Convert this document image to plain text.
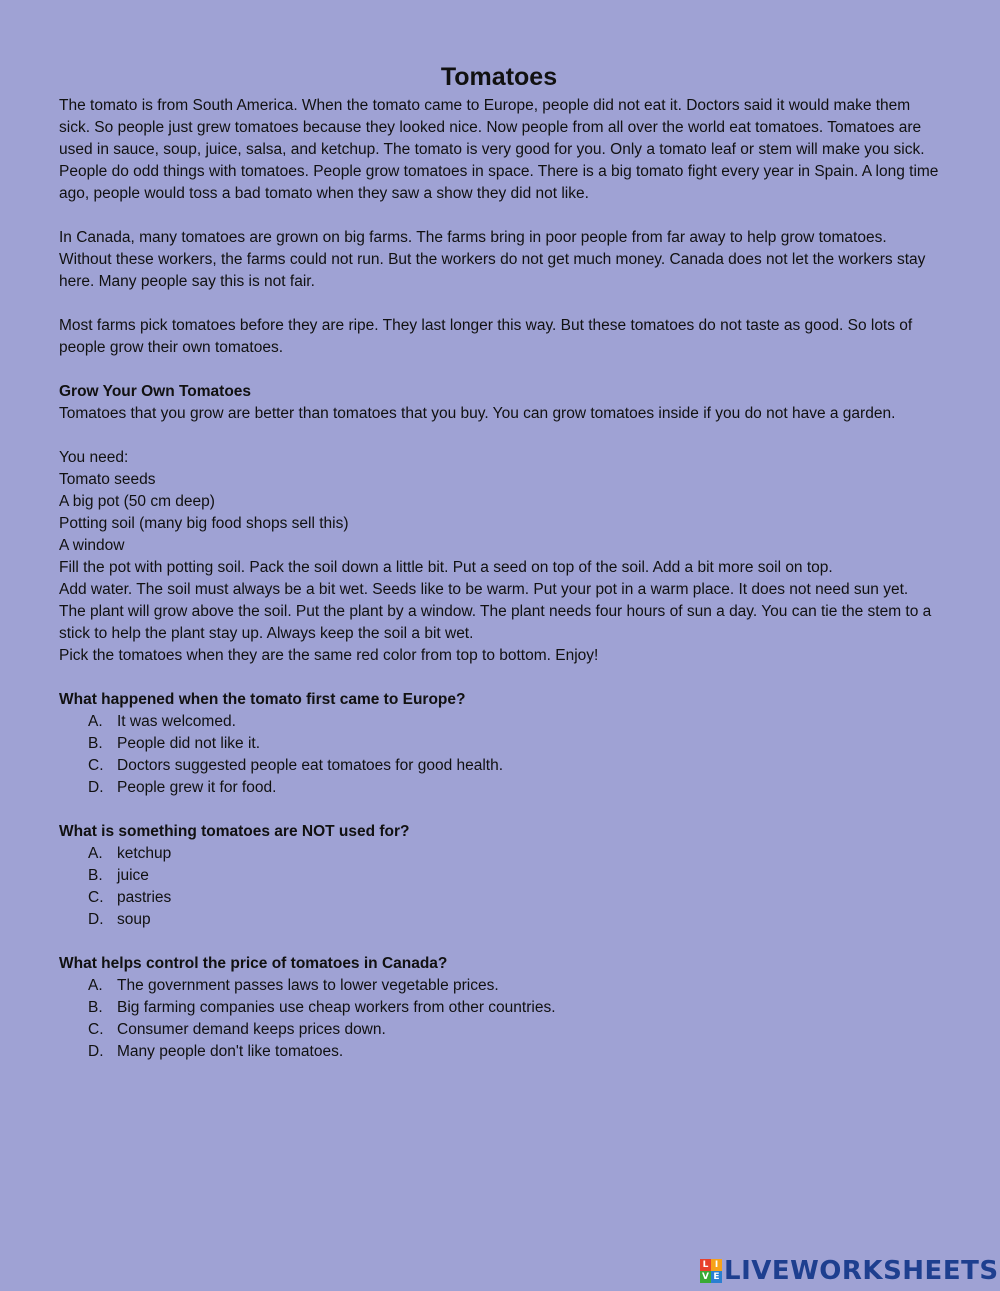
Tomatoes

The tomato is from South America. When the tomato came to Europe, people did not eat it. Doctors said it would make them sick. So people just grew tomatoes because they looked nice. Now people from all over the world eat tomatoes. Tomatoes are used in sauce, soup, juice, salsa, and ketchup. The tomato is very good for you. Only a tomato leaf or stem will make you sick. People do odd things with tomatoes. People grow tomatoes in space. There is a big tomato fight every year in Spain. A long time ago, people would toss a bad tomato when they saw a show they did not like.

In Canada, many tomatoes are grown on big farms. The farms bring in poor people from far away to help grow tomatoes. Without these workers, the farms could not run. But the workers do not get much money. Canada does not let the workers stay here. Many people say this is not fair.

Most farms pick tomatoes before they are ripe. They last longer this way. But these tomatoes do not taste as good. So lots of people grow their own tomatoes.

Grow Your Own Tomatoes

Tomatoes that you grow are better than tomatoes that you buy. You can grow tomatoes inside if you do not have a garden.

You need:

Tomato seeds

A big pot (50 cm deep)

Potting soil (many big food shops sell this)

A window

Fill the pot with potting soil. Pack the soil down a little bit. Put a seed on top of the soil. Add a bit more soil on top.

Add water. The soil must always be a bit wet. Seeds like to be warm. Put your pot in a warm place. It does not need sun yet.

The plant will grow above the soil. Put the plant by a window. The plant needs four hours of sun a day. You can tie the stem to a stick to help the plant stay up. Always keep the soil a bit wet.

Pick the tomatoes when they are the same red color from top to bottom. Enjoy!

What happened when the tomato first came to Europe?

A. It was welcomed.
B. People did not like it.
C. Doctors suggested people eat tomatoes for good health.
D. People grew it for food.

What is something tomatoes are NOT used for?

A. ketchup
B. juice
C. pastries
D. soup

What helps control the price of tomatoes in Canada?

A. The government passes laws to lower vegetable prices.
B. Big farming companies use cheap workers from other countries.
C. Consumer demand keeps prices down.
D. Many people don't like tomatoes.
L I
V E LIVEWORKSHEETS
